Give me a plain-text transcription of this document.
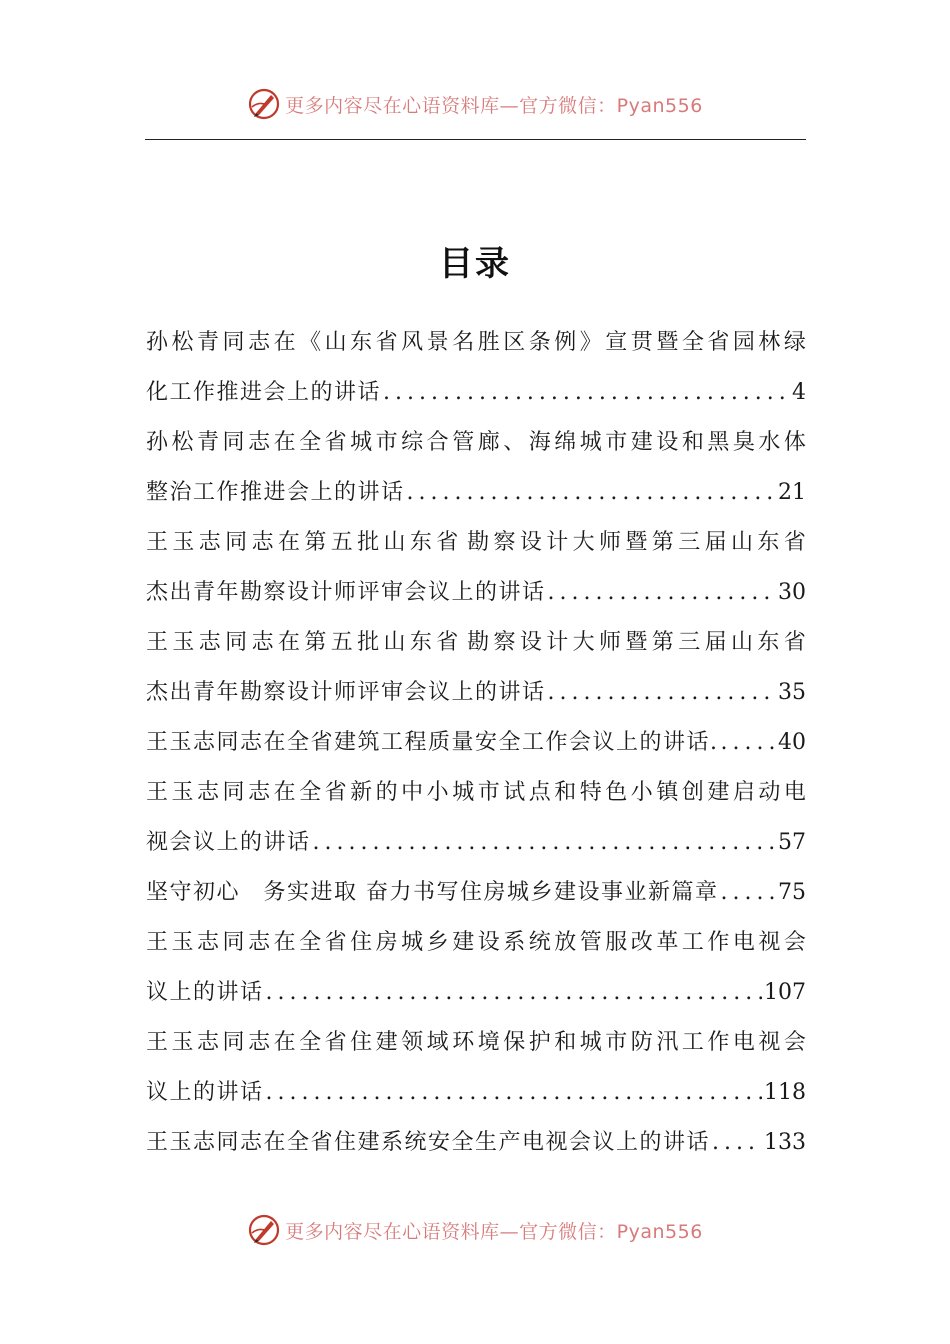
更多内容尽在心语资料库—官方微信：Pyan556
目录
孙 松 青 同 志 在 《 山 东 省 风 景 名 胜 区 条 例 》 宣 贯 暨 全 省 园 林 绿
化工作推进会上的讲话 .....	4
孙 松 青 同 志 在 全 省 城 市 综 合 管 廊 、 海 绵 城 市 建 设 和 黑 臭 水 体
整治工作推进会上的讲话 .....	21
王 玉 志 同 志 在 第 五 批 山 东 省 勘 察 设 计 大 师 暨 第 三 届 山 东 省
杰出青年勘察设计师评审会议上的讲话 .....	30
王 玉 志 同 志 在 第 五 批 山 东 省 勘 察 设 计 大 师 暨 第 三 届 山 东 省
杰出青年勘察设计师评审会议上的讲话 .....	35
王玉志同志在全省建筑工程质量安全工作会议上的讲话. .....	40
王 玉 志 同 志 在 全 省 新 的 中 小 城 市 试 点 和 特 色 小 镇 创 建 启 动 电
视会议上的讲话 .....	57
坚守初心　务实进取 奋力书写住房城乡建设事业新篇章 .....	75
王 玉 志 同 志 在 全 省 住 房 城 乡 建 设 系 统 放 管 服 改 革 工 作 电 视 会
议上的讲话 .....	107
王 玉 志 同 志 在 全 省 住 建 领 域 环 境 保 护 和 城 市 防 汛 工 作 电 视 会
议上的讲话 .....	118
王玉志同志在全省住建系统安全生产电视会议上的讲话 ..... 133
更多内容尽在心语资料库—官方微信：Pyan556
